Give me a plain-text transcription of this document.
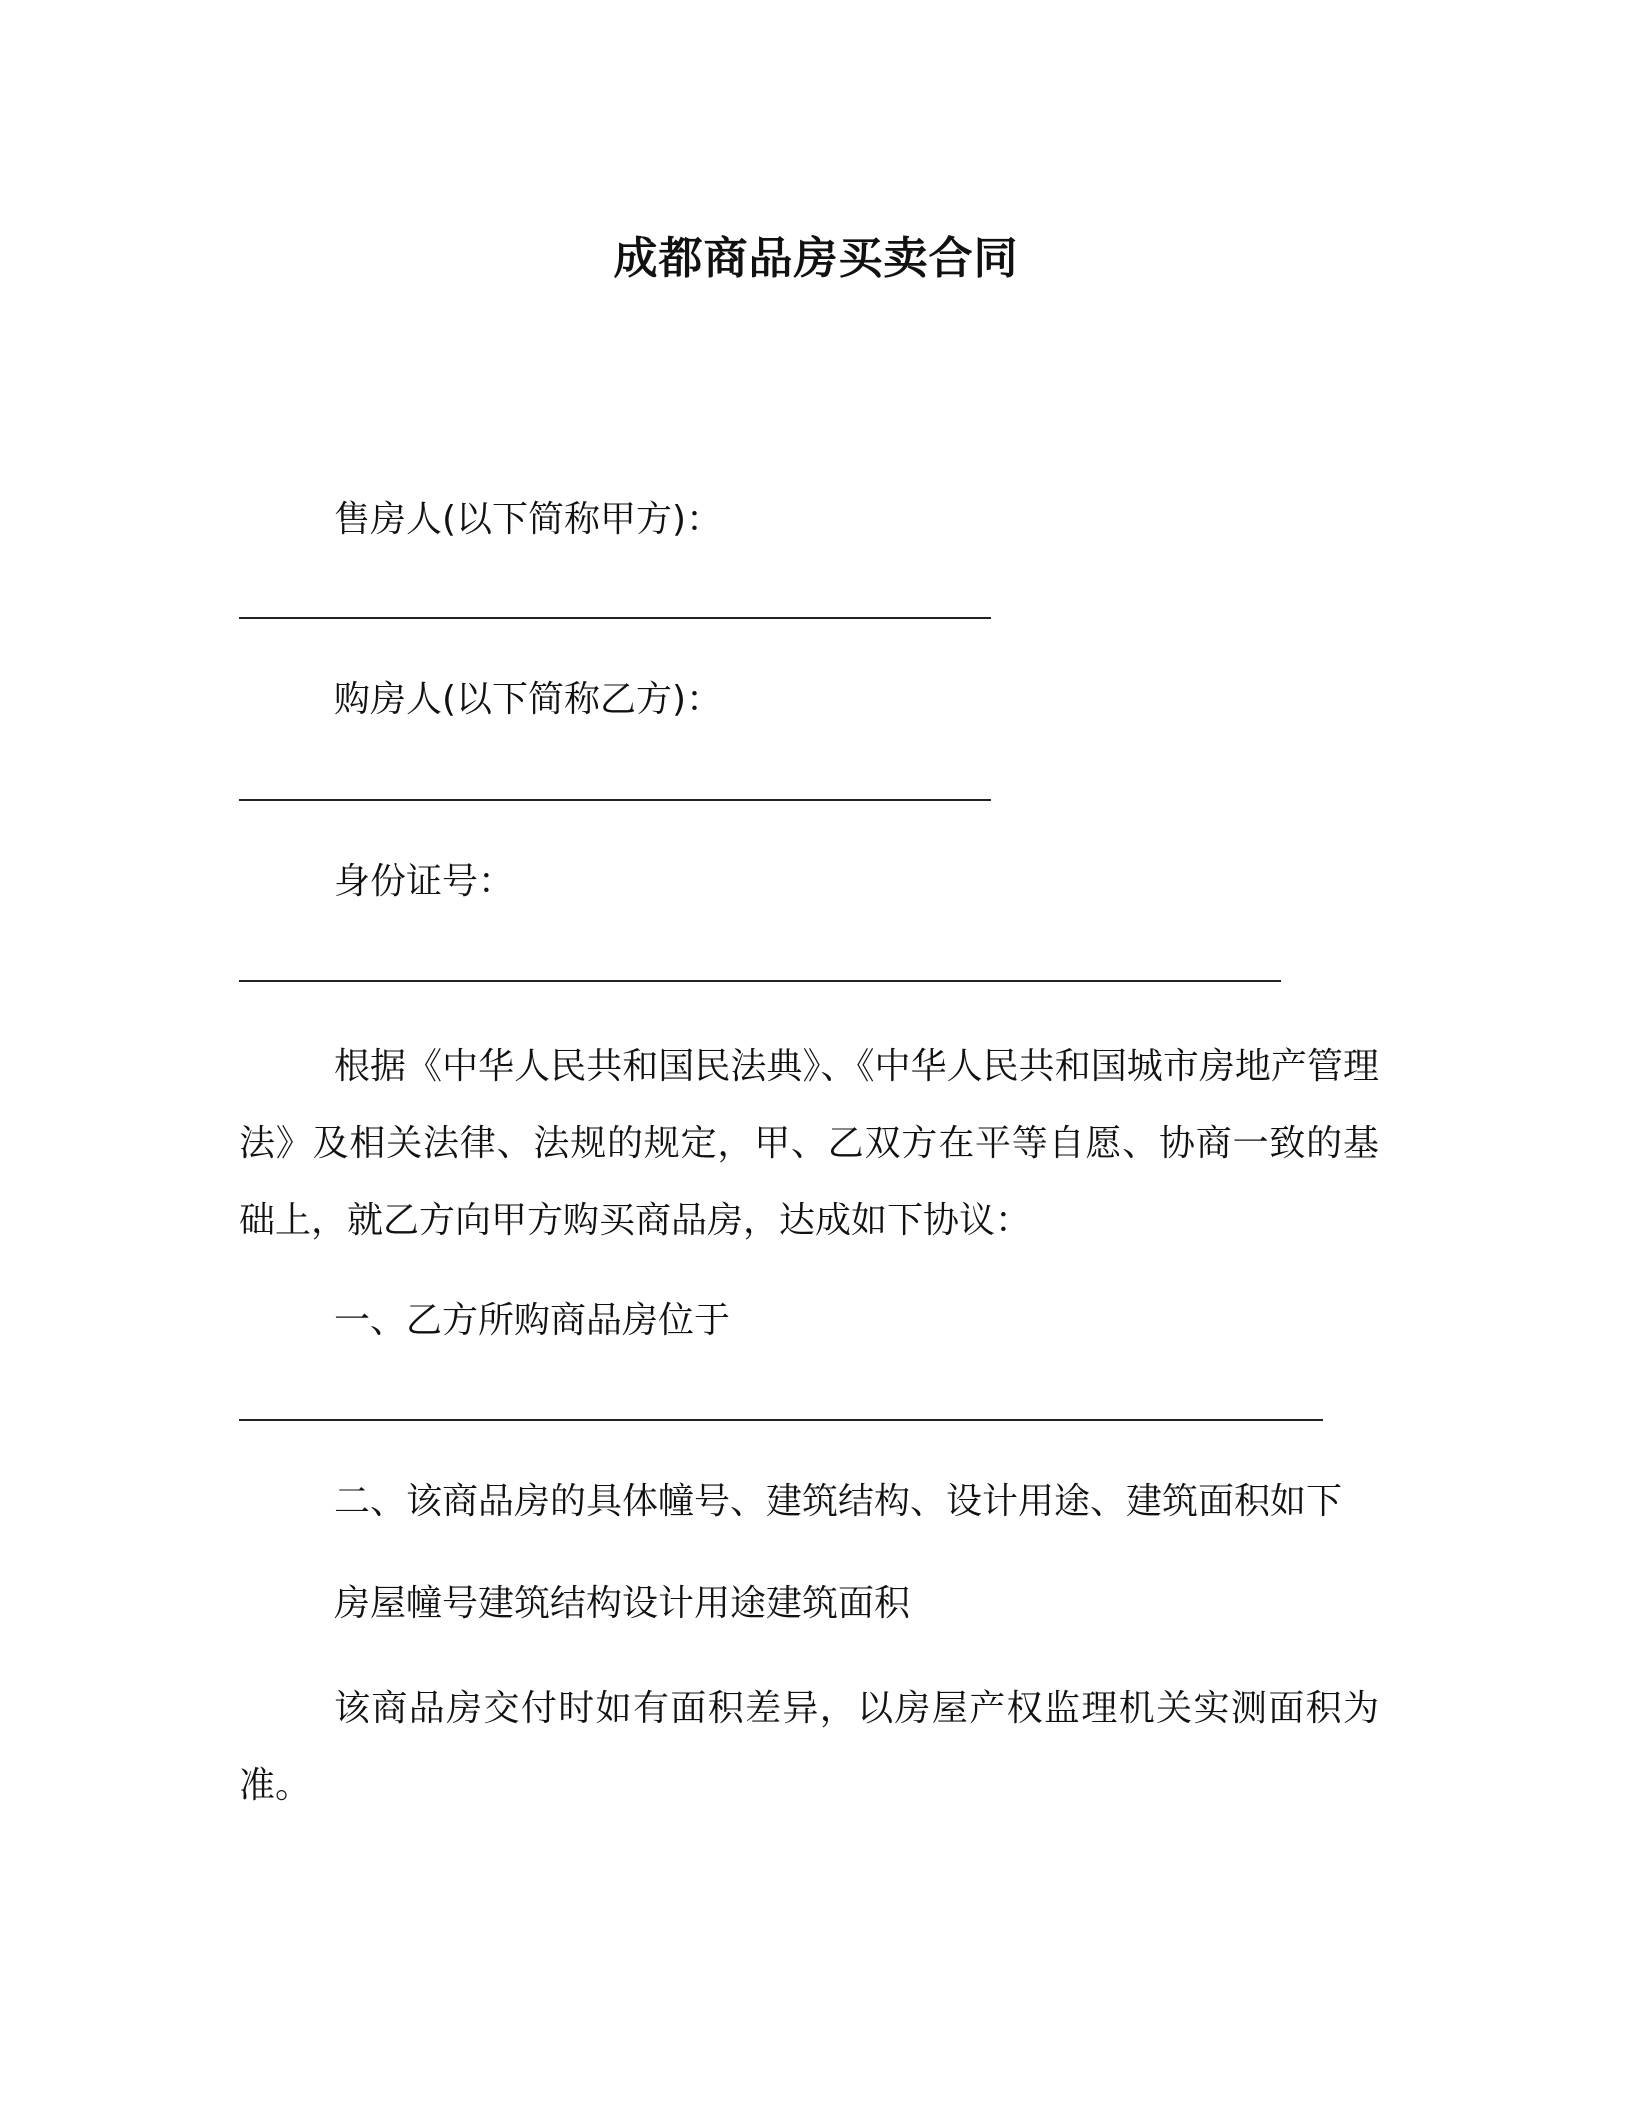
成都商品房买卖合同
售房人(以下简称甲方)：
购房人(以下简称乙方)：
身份证号：
根据《中华人民共和国民法典》、《中华人民共和国城市房地产管理法》及相关法律、法规的规定，甲、乙双方在平等自愿、协商一致的基础上，就乙方向甲方购买商品房，达成如下协议：
一、乙方所购商品房位于
二、该商品房的具体幢号、建筑结构、设计用途、建筑面积如下
房屋幢号建筑结构设计用途建筑面积
该商品房交付时如有面积差异，以房屋产权监理机关实测面积为准。
